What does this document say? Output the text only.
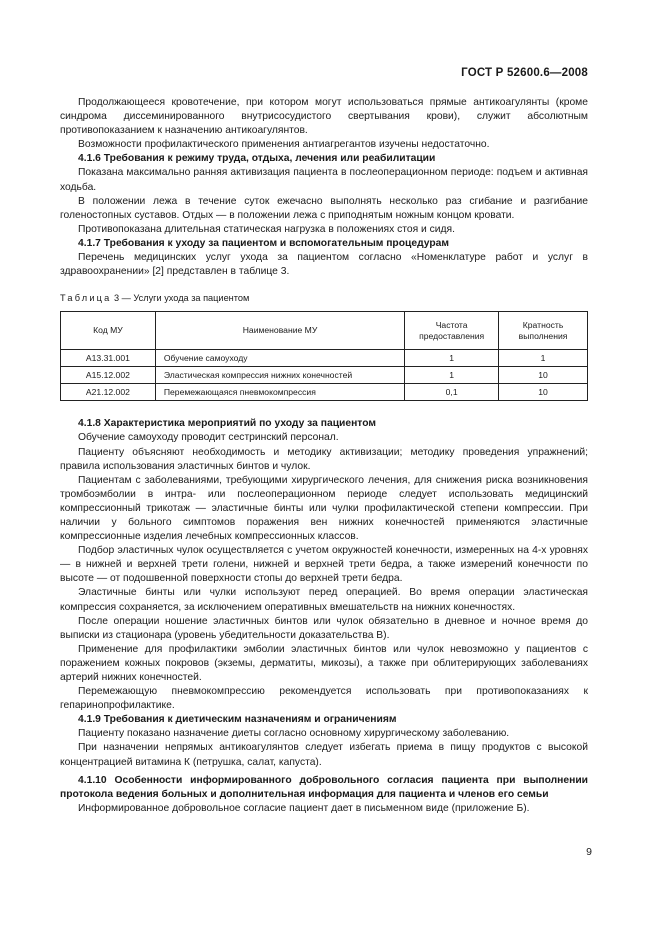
ГОСТ Р 52600.6—2008

Продолжающееся кровотечение, при котором могут использоваться прямые антикоагулянты (кроме синдрома диссеминированного внутрисосудистого свертывания крови), служит абсолютным противопоказанием к назначению антикоагулянтов.

Возможности профилактического применения антиагрегантов изучены недостаточно.

4.1.6 Требования к режиму труда, отдыха, лечения или реабилитации

Показана максимально ранняя активизация пациента в послеоперационном периоде: подъем и активная ходьба.

В положении лежа в течение суток ежечасно выполнять несколько раз сгибание и разгибание голеностопных суставов. Отдых — в положении лежа с приподнятым ножным концом кровати.

Противопоказана длительная статическая нагрузка в положениях стоя и сидя.

4.1.7 Требования к уходу за пациентом и вспомогательным процедурам

Перечень медицинских услуг ухода за пациентом согласно «Номенклатуре работ и услуг в здравоохранении» [2] представлен в таблице 3.

Таблица 3 — Услуги ухода за пациентом
Код МУ	Наименование МУ	Частота предоставления	Кратность выполнения
А13.31.001	Обучение самоуходу	1	1
А15.12.002	Эластическая компрессия нижних конечностей	1	10
А21.12.002	Перемежающаяся пневмокомпрессия	0,1	10
4.1.8 Характеристика мероприятий по уходу за пациентом

Обучение самоуходу проводит сестринский персонал.

Пациенту объясняют необходимость и методику активизации; методику проведения упражнений; правила использования эластичных бинтов и чулок.

Пациентам с заболеваниями, требующими хирургического лечения, для снижения риска возникновения тромбоэмболии в интра- или послеоперационном периоде следует использовать медицинский компрессионный трикотаж — эластичные бинты или чулки профилактической степени компрессии. При наличии у больного симптомов поражения вен нижних конечностей применяются эластичные компрессионные изделия лечебных компрессионных классов.

Подбор эластичных чулок осуществляется с учетом окружностей конечности, измеренных на 4-х уровнях — в нижней и верхней трети голени, нижней и верхней трети бедра, а также измерений конечности по высоте — от подошвенной поверхности стопы до верхней трети бедра.

Эластичные бинты или чулки используют перед операцией. Во время операции эластическая компрессия сохраняется, за исключением оперативных вмешательств на нижних конечностях.

После операции ношение эластичных бинтов или чулок обязательно в дневное и ночное время до выписки из стационара (уровень убедительности доказательства В).

Применение для профилактики эмболии эластичных бинтов или чулок невозможно у пациентов с поражением кожных покровов (экземы, дерматиты, микозы), а также при облитерирующих заболеваниях артерий нижних конечностей.

Перемежающую пневмокомпрессию рекомендуется использовать при противопоказаниях к гепаринопрофилактике.

4.1.9 Требования к диетическим назначениям и ограничениям

Пациенту показано назначение диеты согласно основному хирургическому заболеванию.

При назначении непрямых антикоагулянтов следует избегать приема в пищу продуктов с высокой концентрацией витамина К (петрушка, салат, капуста).

4.1.10 Особенности информированного добровольного согласия пациента при выполнении протокола ведения больных и дополнительная информация для пациента и членов его семьи

Информированное добровольное согласие пациент дает в письменном виде (приложение Б).

9
